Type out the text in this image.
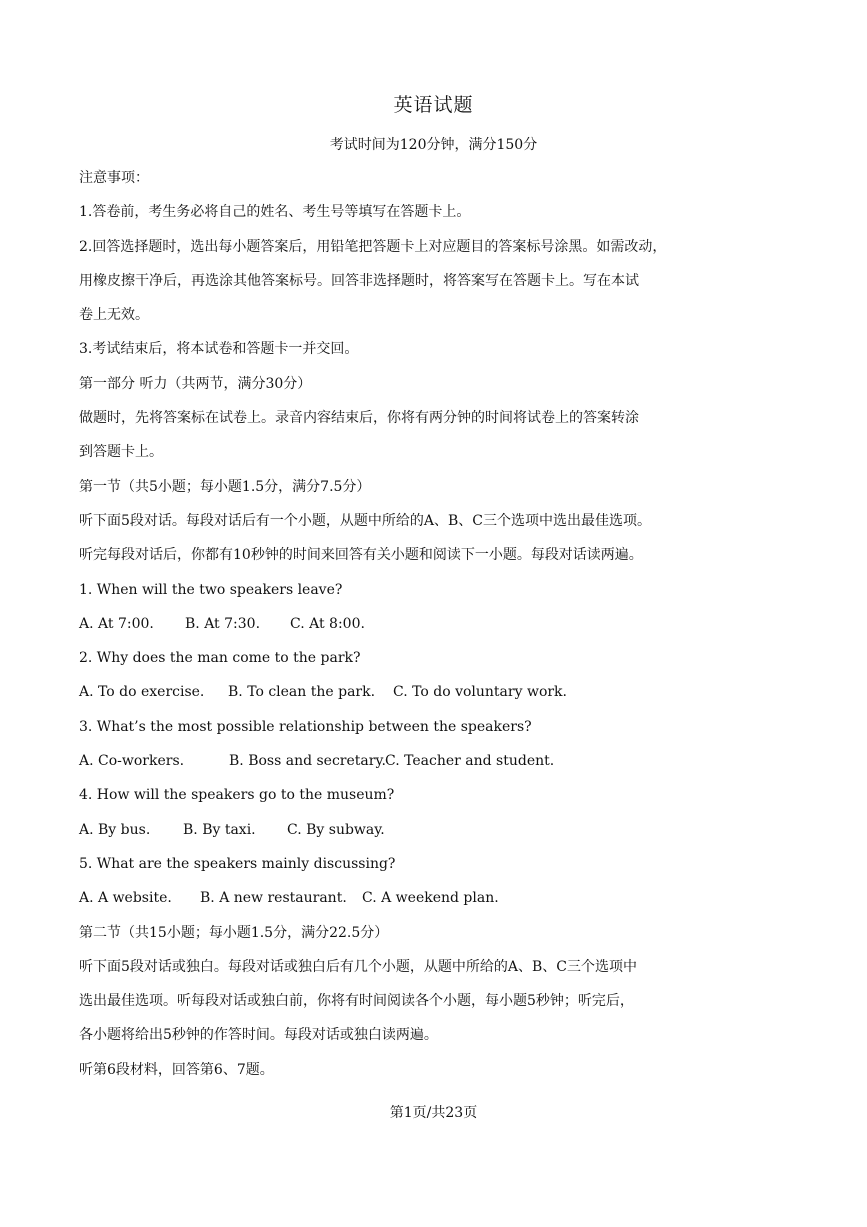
英语试题
考试时间为120分钟，满分150分
注意事项：
1.答卷前，考生务必将自己的姓名、考生号等填写在答题卡上。
2.回答选择题时，选出每小题答案后，用铅笔把答题卡上对应题目的答案标号涂黑。如需改动，
用橡皮擦干净后，再选涂其他答案标号。回答非选择题时，将答案写在答题卡上。写在本试
卷上无效。
3.考试结束后，将本试卷和答题卡一并交回。
第一部分 听力（共两节，满分30分）
做题时，先将答案标在试卷上。录音内容结束后，你将有两分钟的时间将试卷上的答案转涂
到答题卡上。
第一节（共5小题；每小题1.5分，满分7.5分）
听下面5段对话。每段对话后有一个小题，从题中所给的A、B、C三个选项中选出最佳选项。
听完每段对话后，你都有10秒钟的时间来回答有关小题和阅读下一小题。每段对话读两遍。
1. When will the two speakers leave?
A. At 7:00. B. At 7:30. C. At 8:00.
2. Why does the man come to the park?
A. To do exercise. B. To clean the park. C. To do voluntary work.
3. What’s the most possible relationship between the speakers?
A. Co-workers.	B. Boss and secretary.C. Teacher and student.
4. How will the speakers go to the museum?
A. By bus. B. By taxi. C. By subway.
5. What are the speakers mainly discussing?
A. A website. B. A new restaurant. C. A weekend plan.
第二节（共15小题；每小题1.5分，满分22.5分）
听下面5段对话或独白。每段对话或独白后有几个小题，从题中所给的A、B、C三个选项中
选出最佳选项。听每段对话或独白前，你将有时间阅读各个小题，每小题5秒钟；听完后，
各小题将给出5秒钟的作答时间。每段对话或独白读两遍。
听第6段材料，回答第6、7题。
第1页/共23页
